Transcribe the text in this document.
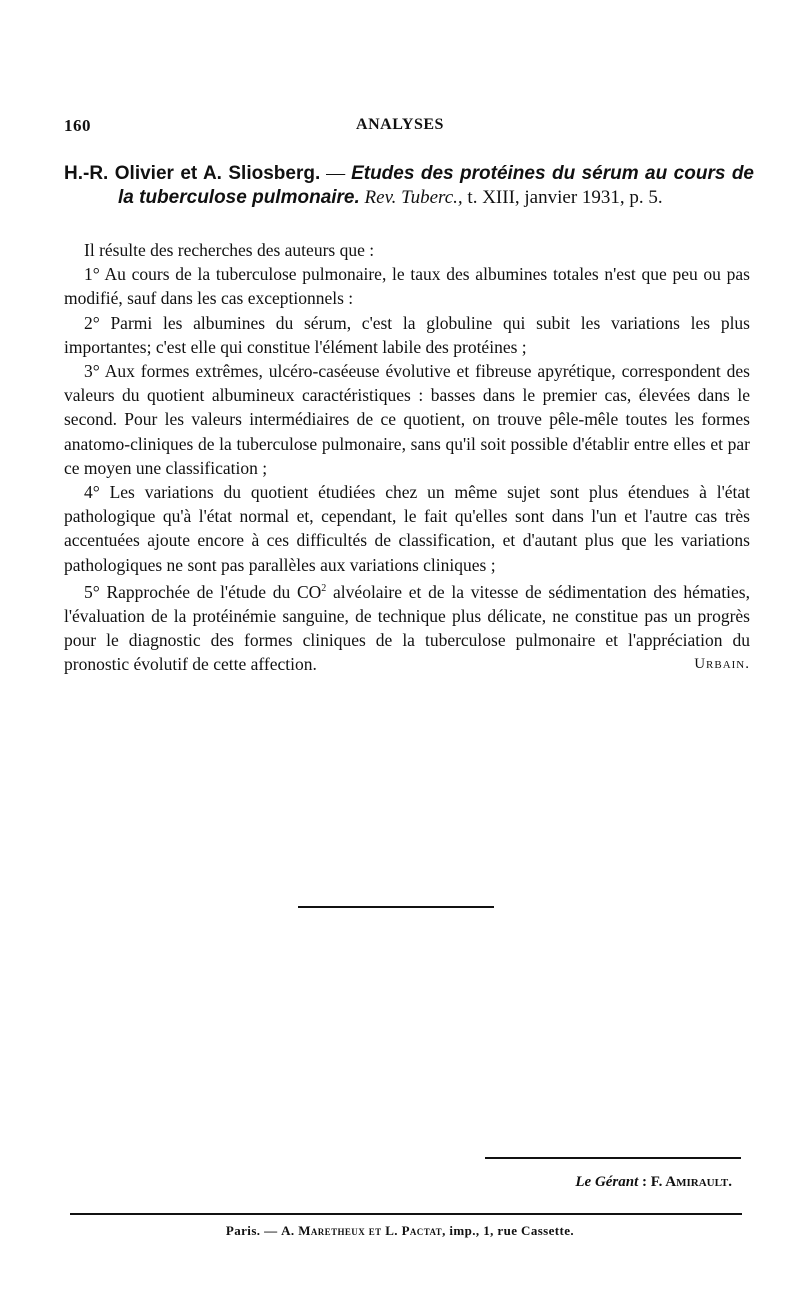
160	ANALYSES
H.-R. Olivier et A. Sliosberg. — Etudes des protéines du sérum au cours de la tuberculose pulmonaire. Rev. Tuberc., t. XIII, janvier 1931, p. 5.

Il résulte des recherches des auteurs que :

1° Au cours de la tuberculose pulmonaire, le taux des albumines totales n'est que peu ou pas modifié, sauf dans les cas exceptionnels :

2° Parmi les albumines du sérum, c'est la globuline qui subit les variations les plus importantes; c'est elle qui constitue l'élément labile des protéines ;

3° Aux formes extrêmes, ulcéro-caséeuse évolutive et fibreuse apyrétique, correspondent des valeurs du quotient albumineux caractéristiques : basses dans le premier cas, élevées dans le second. Pour les valeurs intermédiaires de ce quotient, on trouve pêle-mêle toutes les formes anatomo-cliniques de la tuberculose pulmonaire, sans qu'il soit possible d'établir entre elles et par ce moyen une classification ;

4° Les variations du quotient étudiées chez un même sujet sont plus étendues à l'état pathologique qu'à l'état normal et, cependant, le fait qu'elles sont dans l'un et l'autre cas très accentuées ajoute encore à ces difficultés de classification, et d'autant plus que les variations pathologiques ne sont pas parallèles aux variations cliniques ;

5° Rapprochée de l'étude du $CO^2$ alvéolaire et de la vitesse de sédimentation des hématies, l'évaluation de la protéinémie sanguine, de technique plus délicate, ne constitue pas un progrès pour le diagnostic des formes cliniques de la tuberculose pulmonaire et l'appréciation du pronostic évolutif de cette affection.	Urbain.

Le Gérant : F. Amirault.
Paris. — A. Maretheux et L. Pactat, imp., 1, rue Cassette.
